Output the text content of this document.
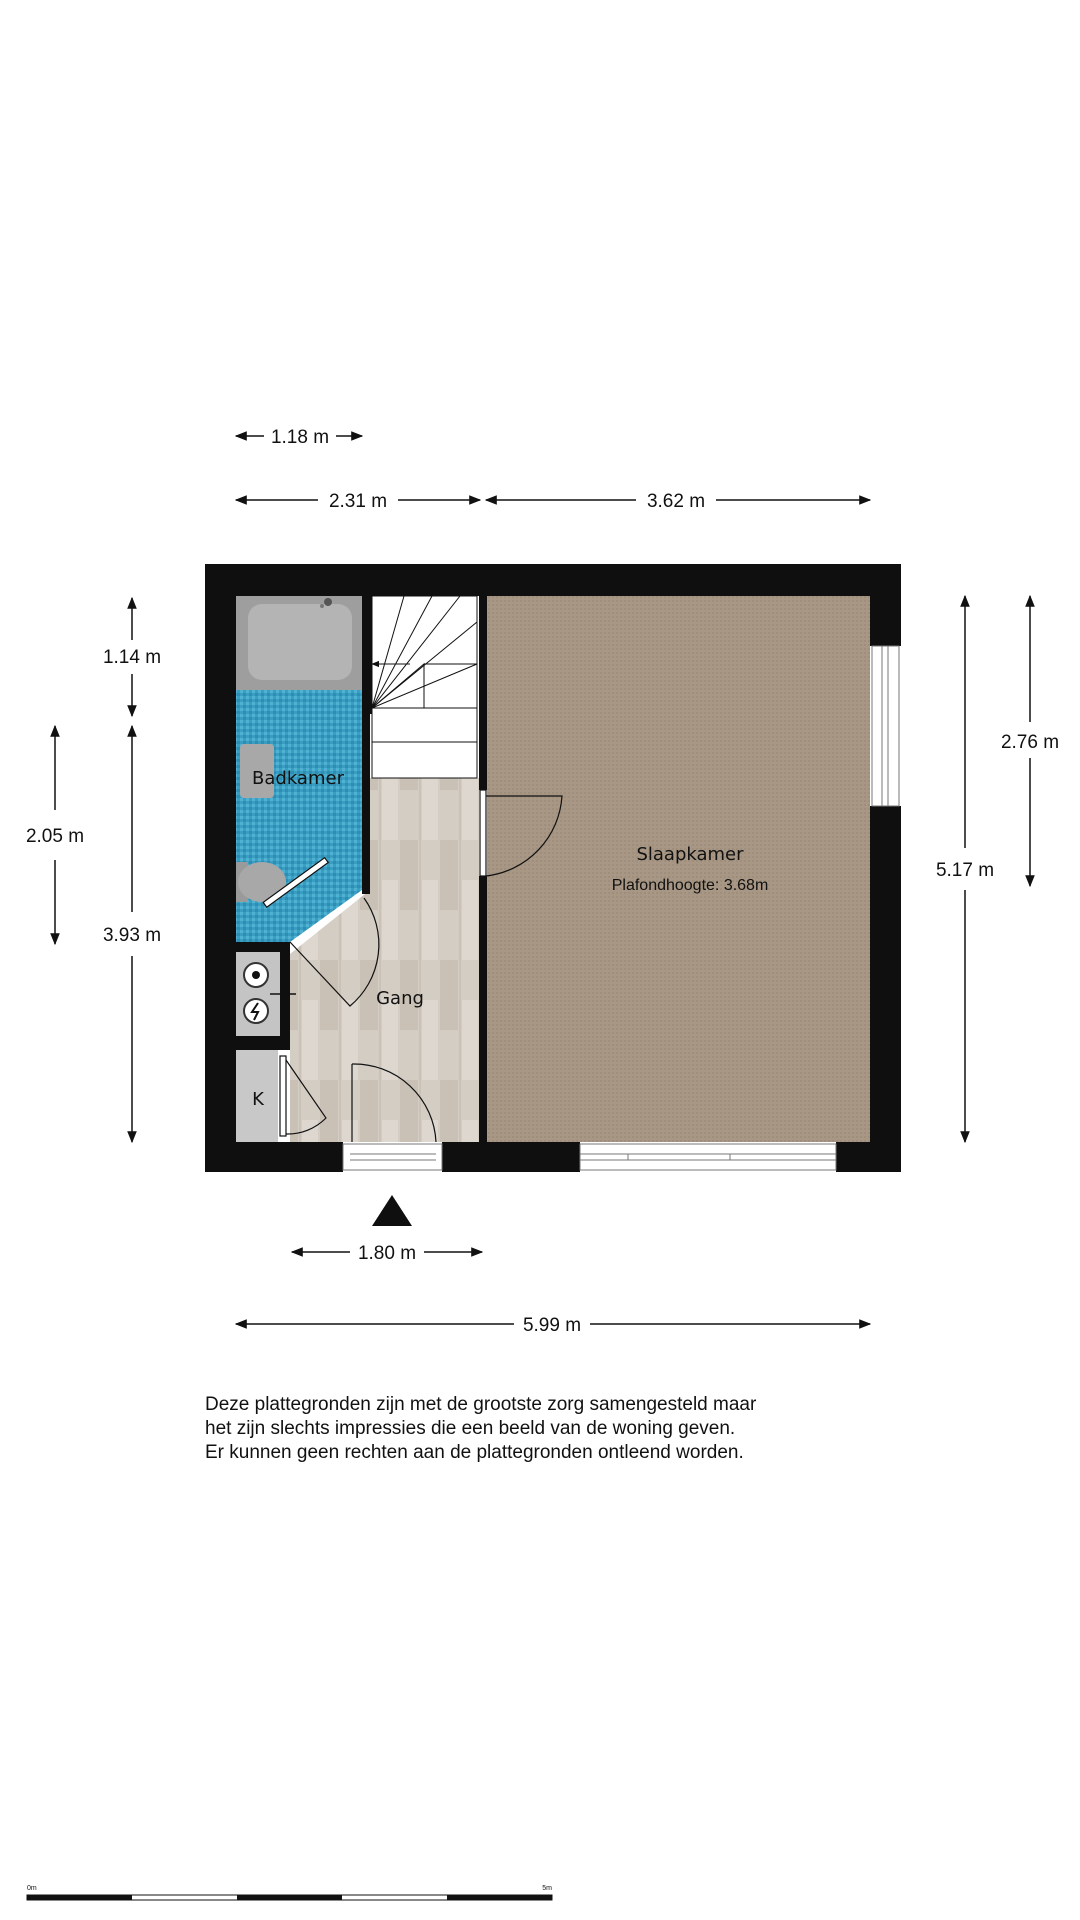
1.18 m
2.31 m	3.62 m
1.14 m
2.05 m
3.93 m
2.76 m
5.17 m
Badkamer
Slaapkamer
Plafondhoogte: 3.68m
Gang
K
1.80 m
5.99 m
Deze plattegronden zijn met de grootste zorg samengesteld maar
het zijn slechts impressies die een beeld van de woning geven.
Er kunnen geen rechten aan de plattegronden ontleend worden.
0m	5m
